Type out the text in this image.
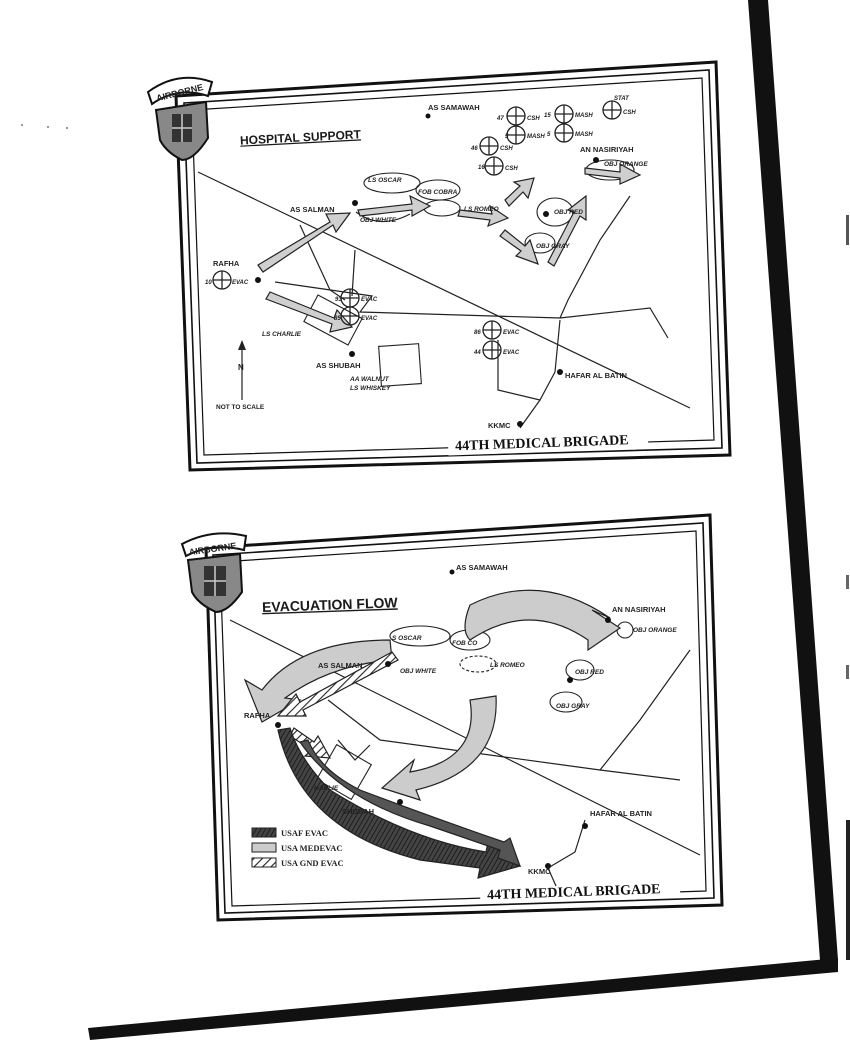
44TH MEDICAL BRIGADE
AIRBORNE
HOSPITAL SUPPORT
47	CSH
5	MASH
15	MASH
5	MASH
CSH
STAT
46	CSH
16	CSH
10	EVAC
93	EVAC
85	EVAC
86	EVAC
44	EVAC
AS SAMAWAH
AN NASIRIYAH
OBJ ORANGE
AS SALMAN
LS OSCAR
FOB COBRA
OBJ WHITE
LS ROMEO	OBJ RED
OBJ GRAY
RAFHA
LS CHARLIE
AS SHUBAH
AA WALNUT
LS WHISKEY
HAFAR AL BATIN
KKMC
N
NOT TO SCALE
44TH MEDICAL BRIGADE
AIRBORNE
EVACUATION FLOW
AS SAMAWAH
AN NASIRIYAH
OBJ ORANGE
S OSCAR
FOB CO
AS SALMAN
OBJ WHITE
LS ROMEO
OBJ RED
OBJ GRAY
RAFHA
HARLIE
SHUBAH	HAFAR AL BATIN
KKMC
USAF EVAC
USA MEDEVAC
USA GND EVAC
